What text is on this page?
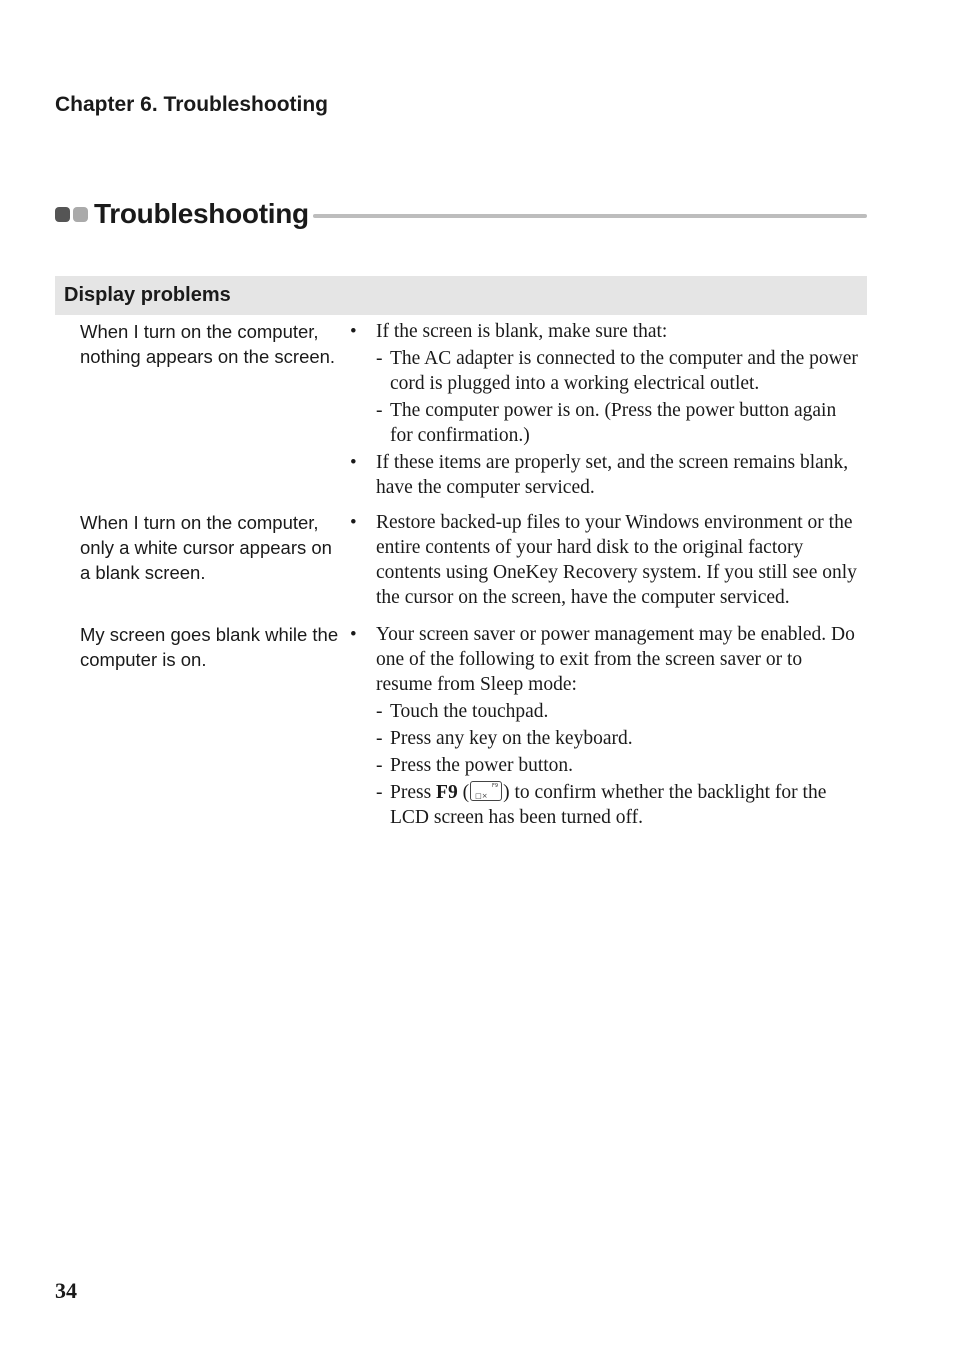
Chapter 6. Troubleshooting
Troubleshooting
Display problems
When I turn on the computer, nothing appears on the screen.
• If the screen is blank, make sure that:
- The AC adapter is connected to the computer and the power cord is plugged into a working electrical outlet.
- The computer power is on. (Press the power button again for confirmation.)
• If these items are properly set, and the screen remains blank, have the computer serviced.
When I turn on the computer, only a white cursor appears on a blank screen.
• Restore backed-up files to your Windows environment or the entire contents of your hard disk to the original factory contents using OneKey Recovery system. If you still see only the cursor on the screen, have the computer serviced.
My screen goes blank while the computer is on.
• Your screen saver or power management may be enabled. Do one of the following to exit from the screen saver or to resume from Sleep mode:
- Touch the touchpad.
- Press any key on the keyboard.
- Press the power button.
- Press F9 ( □×
F9 ) to confirm whether the backlight for the LCD screen has been turned off.
34
